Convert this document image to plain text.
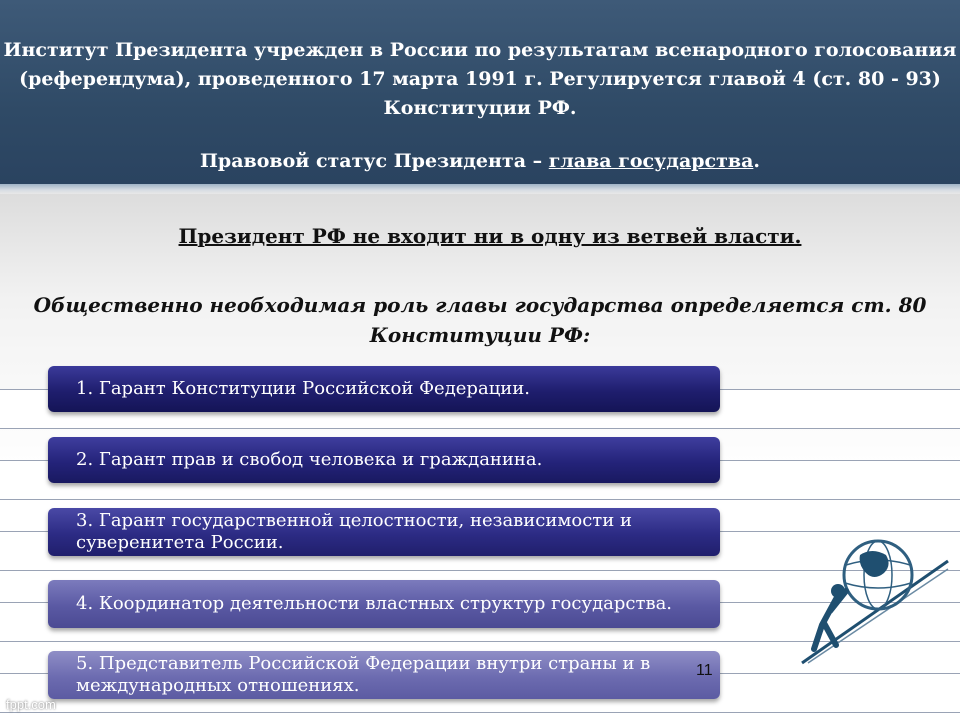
Институт Президента учрежден в России по результатам всенародного голосования (референдума), проведенного 17 марта 1991 г. Регулируется главой 4 (ст. 80 - 93) Конституции РФ.
Правовой статус Президента – глава государства.
Президент РФ не входит ни в одну из ветвей власти.
Общественно необходимая роль главы государства определяется ст. 80 Конституции РФ:
1. Гарант Конституции Российской Федерации.
2. Гарант прав и свобод человека и гражданина.
3. Гарант государственной целостности, независимости и суверенитета России.
4. Координатор деятельности властных структур государства.
5. Представитель Российской Федерации внутри страны и в международных отношениях.
11
fppt.com
